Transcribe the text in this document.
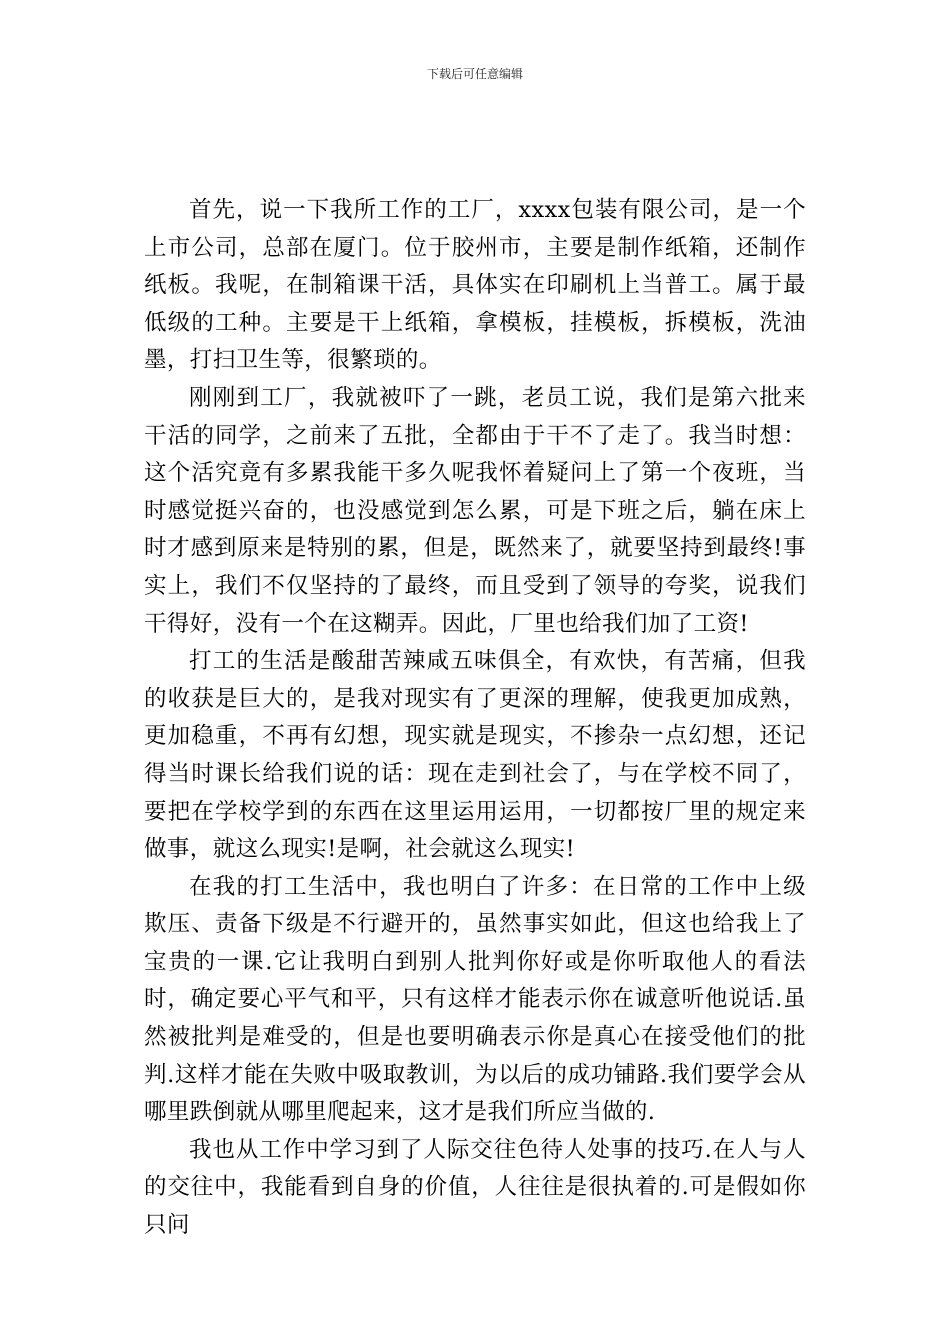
下载后可任意编辑

首先，说一下我所工作的工厂，xxxx包装有限公司，是一个上市公司，总部在厦门。位于胶州市，主要是制作纸箱，还制作纸板。我呢，在制箱课干活，具体实在印刷机上当普工。属于最低级的工种。主要是干上纸箱，拿模板，挂模板，拆模板，洗油墨，打扫卫生等，很繁琐的。

刚刚到工厂，我就被吓了一跳，老员工说，我们是第六批来干活的同学，之前来了五批，全都由于干不了走了。我当时想：这个活究竟有多累我能干多久呢我怀着疑问上了第一个夜班，当时感觉挺兴奋的，也没感觉到怎么累，可是下班之后，躺在床上时才感到原来是特别的累，但是，既然来了，就要坚持到最终!事实上，我们不仅坚持的了最终，而且受到了领导的夸奖，说我们干得好，没有一个在这糊弄。因此，厂里也给我们加了工资!

打工的生活是酸甜苦辣咸五味俱全，有欢快，有苦痛，但我的收获是巨大的，是我对现实有了更深的理解，使我更加成熟，更加稳重，不再有幻想，现实就是现实，不掺杂一点幻想，还记得当时课长给我们说的话：现在走到社会了，与在学校不同了，要把在学校学到的东西在这里运用运用，一切都按厂里的规定来做事，就这么现实!是啊，社会就这么现实!

在我的打工生活中，我也明白了许多：在日常的工作中上级欺压、责备下级是不行避开的，虽然事实如此，但这也给我上了宝贵的一课.它让我明白到别人批判你好或是你听取他人的看法时，确定要心平气和平，只有这样才能表示你在诚意听他说话.虽然被批判是难受的，但是也要明确表示你是真心在接受他们的批判.这样才能在失败中吸取教训，为以后的成功铺路.我们要学会从哪里跌倒就从哪里爬起来，这才是我们所应当做的.

我也从工作中学习到了人际交往色待人处事的技巧.在人与人的交往中，我能看到自身的价值，人往往是很执着的.可是假如你只问
